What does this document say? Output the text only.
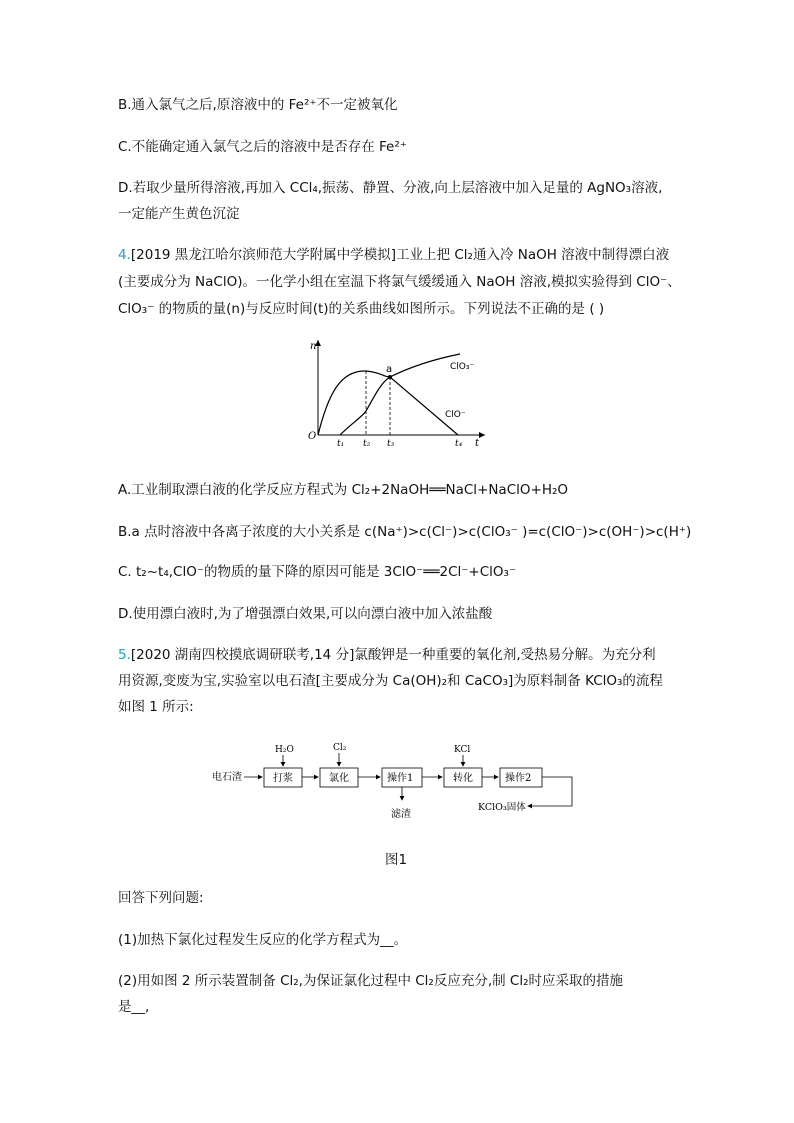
B.通入氯气之后,原溶液中的 Fe²⁺不一定被氧化
C.不能确定通入氯气之后的溶液中是否存在 Fe²⁺
D.若取少量所得溶液,再加入 CCl₄,振荡、静置、分液,向上层溶液中加入足量的 AgNO₃溶液,
一定能产生黄色沉淀
4.[2019 黑龙江哈尔滨师范大学附属中学模拟]工业上把 Cl₂通入冷 NaOH 溶液中制得漂白液
(主要成分为 NaClO)。一化学小组在室温下将氯气缓缓通入 NaOH 溶液,模拟实验得到 ClO⁻、
ClO₃⁻ 的物质的量(n)与反应时间(t)的关系曲线如图所示。下列说法不正确的是 ( )
n
t
O
a
t₁ t₂ t₃	t₄
ClO₃⁻
ClO⁻
A.工业制取漂白液的化学反应方程式为 Cl₂+2NaOH══NaCl+NaClO+H₂O
B.a 点时溶液中各离子浓度的大小关系是 c(Na⁺)>c(Cl⁻)>c(ClO₃⁻ )=c(ClO⁻)>c(OH⁻)>c(H⁺)
C. t₂~t₄,ClO⁻的物质的量下降的原因可能是 3ClO⁻══2Cl⁻+ClO₃⁻
D.使用漂白液时,为了增强漂白效果,可以向漂白液中加入浓盐酸
5.[2020 湖南四校摸底调研联考,14 分]氯酸钾是一种重要的氧化剂,受热易分解。为充分利
用资源,变废为宝,实验室以电石渣[主要成分为 Ca(OH)₂和 CaCO₃]为原料制备 KClO₃的流程
如图 1 所示:
电石渣	打浆	氯化	操作1	转化	操作2
H₂O	Cl₂	KCl
滤渣
KClO₃固体
图1
回答下列问题:
(1)加热下氯化过程发生反应的化学方程式为__。
(2)用如图 2 所示装置制备 Cl₂,为保证氯化过程中 Cl₂反应充分,制 Cl₂时应采取的措施
是__,
